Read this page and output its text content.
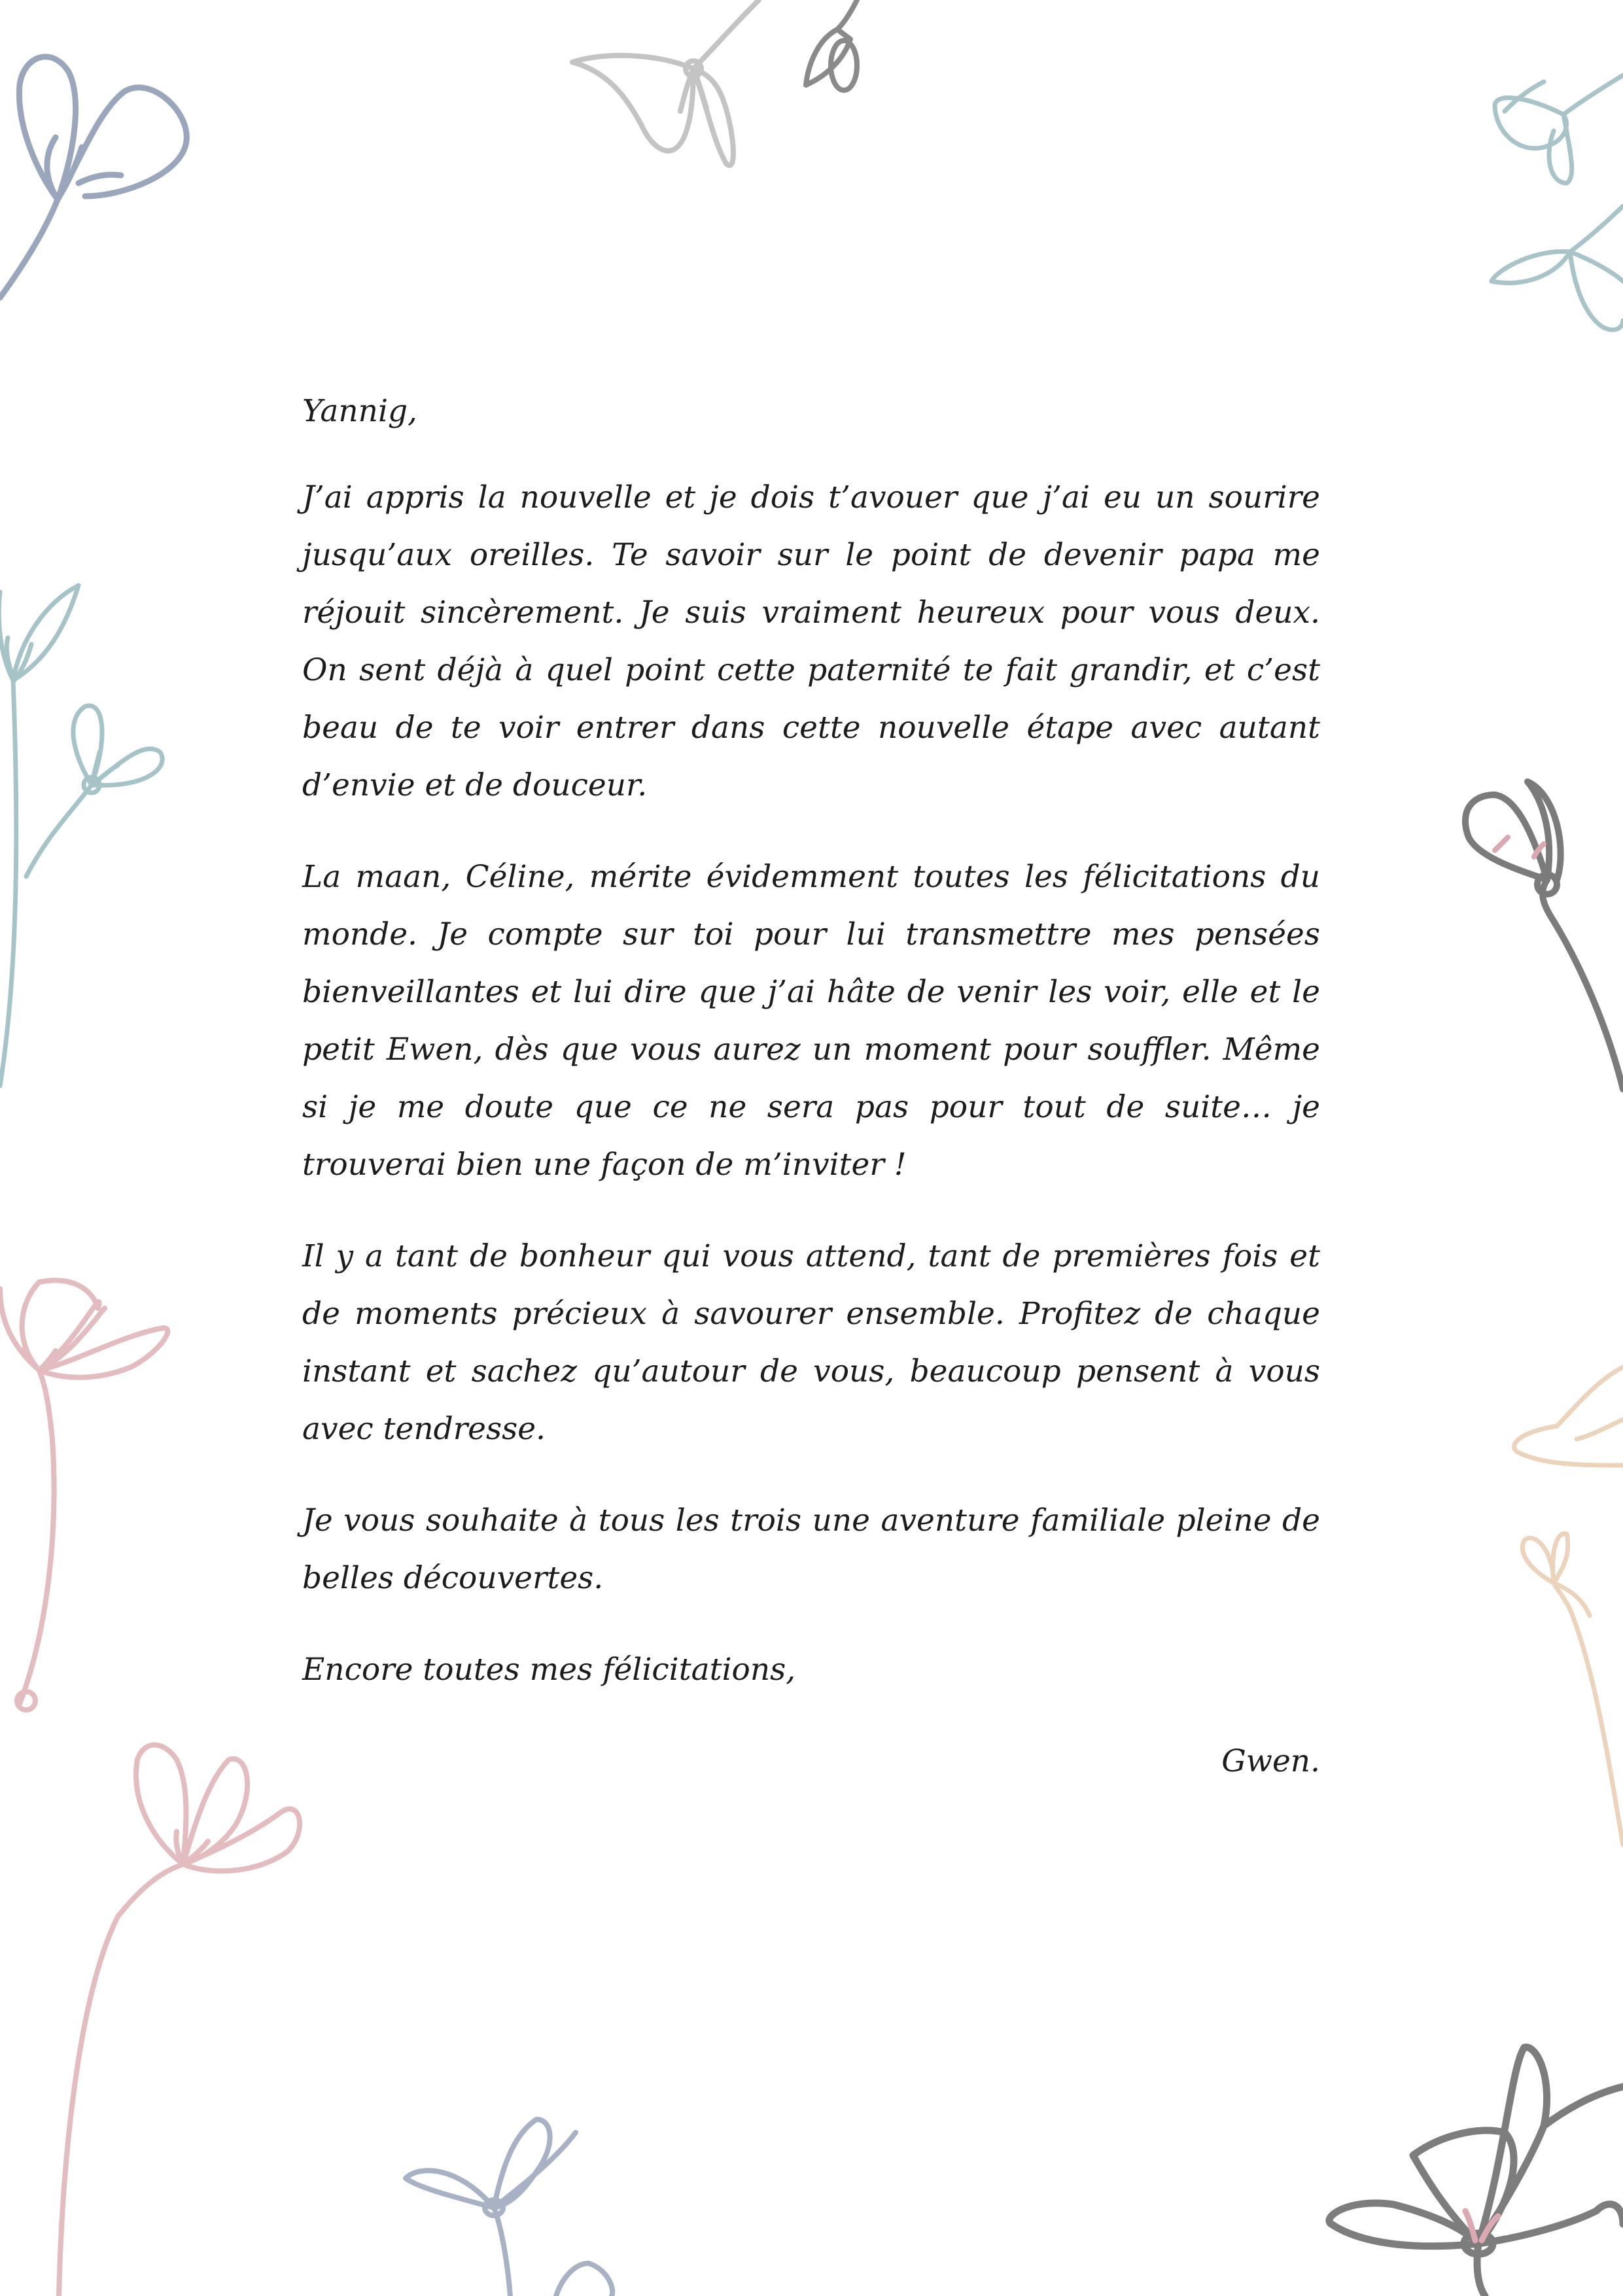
Yannig,

J’ai appris la nouvelle et je dois t’avouer que j’ai eu un sourire jusqu’aux oreilles. Te savoir sur le point de devenir papa me réjouit sincèrement. Je suis vraiment heureux pour vous deux. On sent déjà à quel point cette paternité te fait grandir, et c’est beau de te voir entrer dans cette nouvelle étape avec autant d’envie et de douceur.

La maan, Céline, mérite évidemment toutes les félicitations du monde. Je compte sur toi pour lui transmettre mes pensées bienveillantes et lui dire que j’ai hâte de venir les voir, elle et le petit Ewen, dès que vous aurez un moment pour souffler. Même si je me doute que ce ne sera pas pour tout de suite… je trouverai bien une façon de m’inviter !

Il y a tant de bonheur qui vous attend, tant de premières fois et de moments précieux à savourer ensemble. Profitez de chaque instant et sachez qu’autour de vous, beaucoup pensent à vous avec tendresse.

Je vous souhaite à tous les trois une aventure familiale pleine de belles découvertes.

Encore toutes mes félicitations,

Gwen.
